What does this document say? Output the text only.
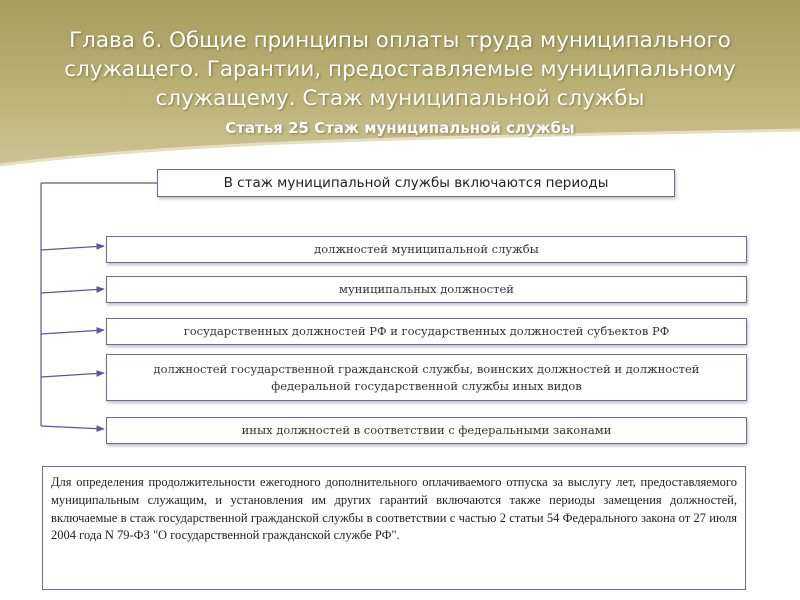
Глава 6. Общие принципы оплаты труда муниципального служащего. Гарантии, предоставляемые муниципальному служащему. Стаж муниципальной службы
Статья 25 Стаж муниципальной службы
В стаж муниципальной службы включаются периоды
должностей муниципальной службы
муниципальных должностей
государственных должностей РФ и государственных должностей субъектов РФ
должностей государственной гражданской службы, воинских должностей и должностей федеральной государственной службы иных видов
иных должностей в соответствии с федеральными законами
Для определения продолжительности ежегодного дополнительного оплачиваемого отпуска за выслугу лет, предоставляемого муниципальным служащим, и установления им других гарантий включаются также периоды замещения должностей, включаемые в стаж государственной гражданской службы в соответствии с частью 2 статьи 54 Федерального закона от 27 июля 2004 года N 79-ФЗ "О государственной гражданской службе РФ".
